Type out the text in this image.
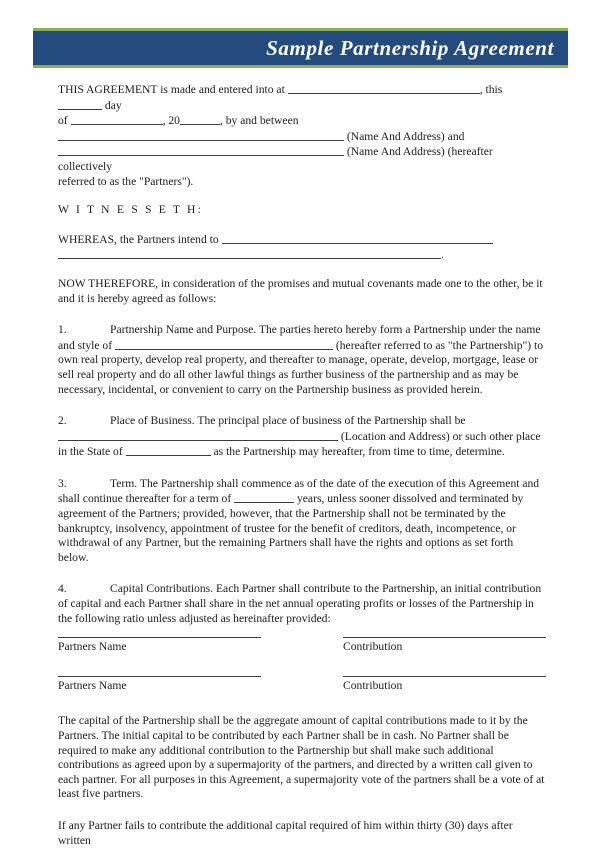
Sample Partnership Agreement

THIS AGREEMENT is made and entered into at	, this  day
of	, 20	, by and between
(Name And Address) and
(Name And Address) (hereafter collectively
referred to as the "Partners").

W I T N E S S E T H:

WHEREAS, the Partners intend to
.

NOW THEREFORE, in consideration of the promises and mutual covenants made one to the other, be it and it is hereby agreed as follows:

1.	Partnership Name and Purpose. The parties hereto hereby form a Partnership under the name and style of	(hereafter referred to as "the Partnership") to own real property, develop real property, and thereafter to manage, operate, develop, mortgage, lease or sell real property and do all other lawful things as further business of the partnership and as may be necessary, incidental, or convenient to carry on the Partnership business as provided herein.

2.	Place of Business. The principal place of business of the Partnership shall be
(Location and Address) or such other place in the State of	as the Partnership may hereafter, from time to time, determine.

3.	Term. The Partnership shall commence as of the date of the execution of this Agreement and shall continue thereafter for a term of	years, unless sooner dissolved and terminated by agreement of the Partners; provided, however, that the Partnership shall not be terminated by the bankruptcy, insolvency, appointment of trustee for the benefit of creditors, death, incompetence, or withdrawal of any Partner, but the remaining Partners shall have the rights and options as set forth below.

4.	Capital Contributions. Each Partner shall contribute to the Partnership, an initial contribution of capital and each Partner shall share in the net annual operating profits or losses of the Partnership in the following ratio unless adjusted as hereinafter provided:

Partners Name	Contribution
Partners Name	Contribution

The capital of the Partnership shall be the aggregate amount of capital contributions made to it by the Partners. The initial capital to be contributed by each Partner shall be in cash. No Partner shall be required to make any additional contribution to the Partnership but shall make such additional contributions as agreed upon by a supermajority of the partners, and directed by a written call given to each partner. For all purposes in this Agreement, a supermajority vote of the partners shall be a vote of at least five partners.

If any Partner fails to contribute the additional capital required of him within thirty (30) days after written
